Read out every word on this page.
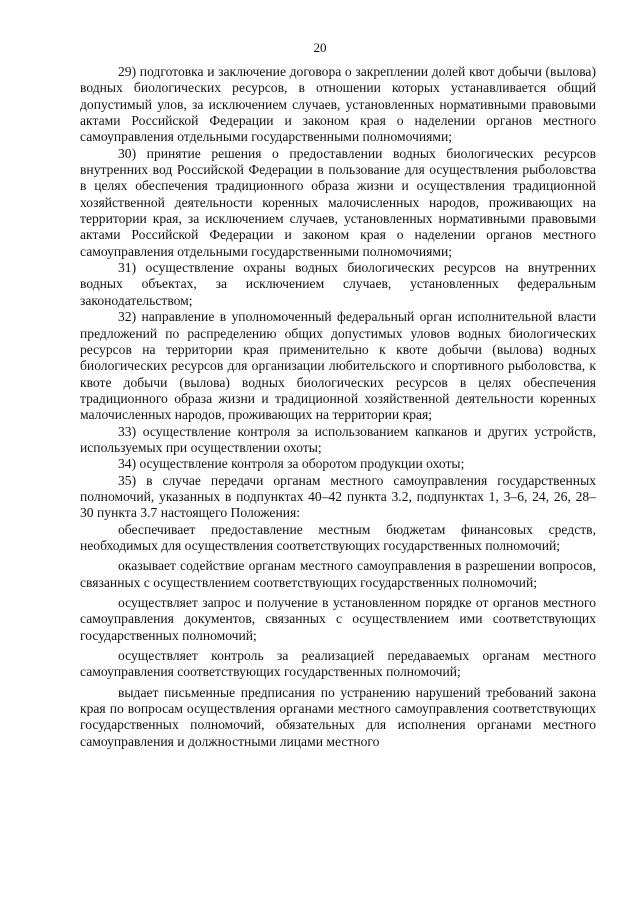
20

29) подготовка и заключение договора о закреплении долей квот добычи (вылова) водных биологических ресурсов, в отношении которых устанавливается общий допустимый улов, за исключением случаев, установленных нормативными правовыми актами Российской Федерации и законом края о наделении органов местного самоуправления отдельными государственными полномочиями;

30) принятие решения о предоставлении водных биологических ресурсов внутренних вод Российской Федерации в пользование для осуществления рыболовства в целях обеспечения традиционного образа жизни и осуществления традиционной хозяйственной деятельности коренных малочисленных народов, проживающих на территории края, за исключением случаев, установленных нормативными правовыми актами Российской Федерации и законом края о наделении органов местного самоуправления отдельными государственными полномочиями;

31) осуществление охраны водных биологических ресурсов на внутренних водных объектах, за исключением случаев, установленных федеральным законодательством;

32) направление в уполномоченный федеральный орган исполнительной власти предложений по распределению общих допустимых уловов водных биологических ресурсов на территории края применительно к квоте добычи (вылова) водных биологических ресурсов для организации любительского и спортивного рыболовства, к квоте добычи (вылова) водных биологических ресурсов в целях обеспечения традиционного образа жизни и традиционной хозяйственной деятельности коренных малочисленных народов, проживающих на территории края;

33) осуществление контроля за использованием капканов и других устройств, используемых при осуществлении охоты;

34) осуществление контроля за оборотом продукции охоты;

35) в случае передачи органам местного самоуправления государственных полномочий, указанных в подпунктах 40–42 пункта 3.2, подпунктах 1, 3–6, 24, 26, 28– 30 пункта 3.7 настоящего Положения:

обеспечивает предоставление местным бюджетам финансовых средств, необходимых для осуществления соответствующих государственных полномочий;

оказывает содействие органам местного самоуправления в разрешении вопросов, связанных с осуществлением соответствующих государственных полномочий;

осуществляет запрос и получение в установленном порядке от органов местного самоуправления документов, связанных с осуществлением ими соответствующих государственных полномочий;

осуществляет контроль за реализацией передаваемых органам местного самоуправления соответствующих государственных полномочий;

выдает письменные предписания по устранению нарушений требований закона края по вопросам осуществления органами местного самоуправления соответствующих государственных полномочий, обязательных для исполнения органами местного самоуправления и должностными лицами местного
